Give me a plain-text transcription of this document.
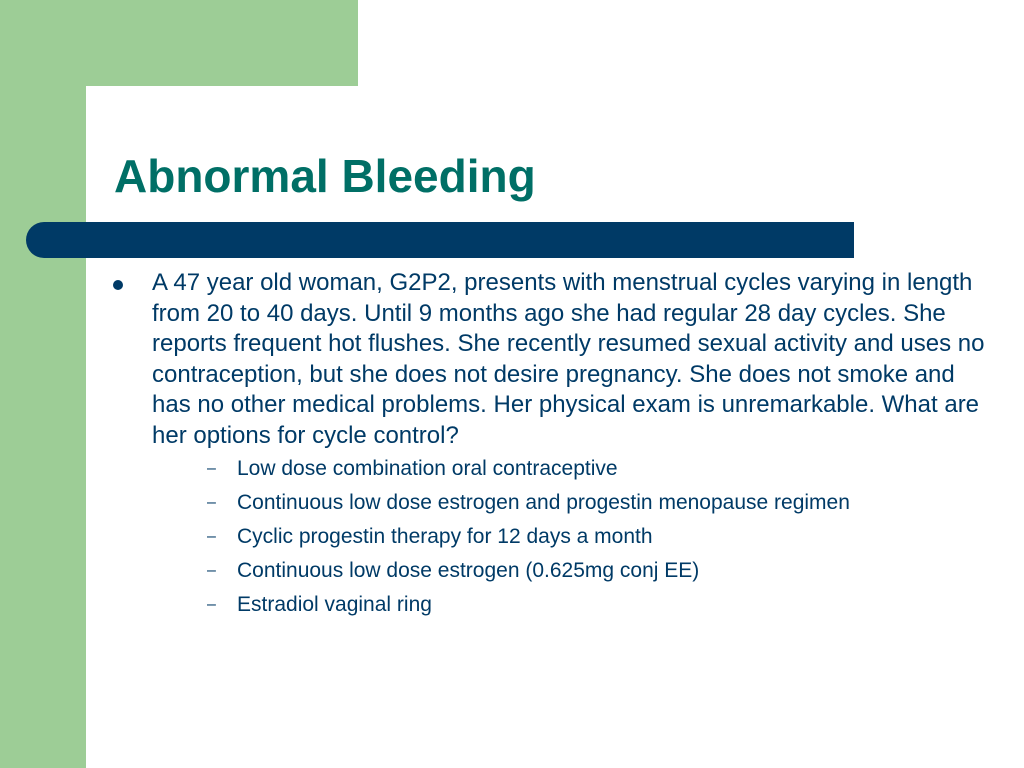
Abnormal Bleeding

A 47 year old woman, G2P2, presents with menstrual cycles varying in length from 20 to 40 days. Until 9 months ago she had regular 28 day cycles. She reports frequent hot flushes. She recently resumed sexual activity and uses no contraception, but she does not desire pregnancy. She does not smoke and has no other medical problems. Her physical exam is unremarkable. What are her options for cycle control?

– Low dose combination oral contraceptive
– Continuous low dose estrogen and progestin menopause regimen
– Cyclic progestin therapy for 12 days a month
– Continuous low dose estrogen (0.625mg conj EE)
– Estradiol vaginal ring
